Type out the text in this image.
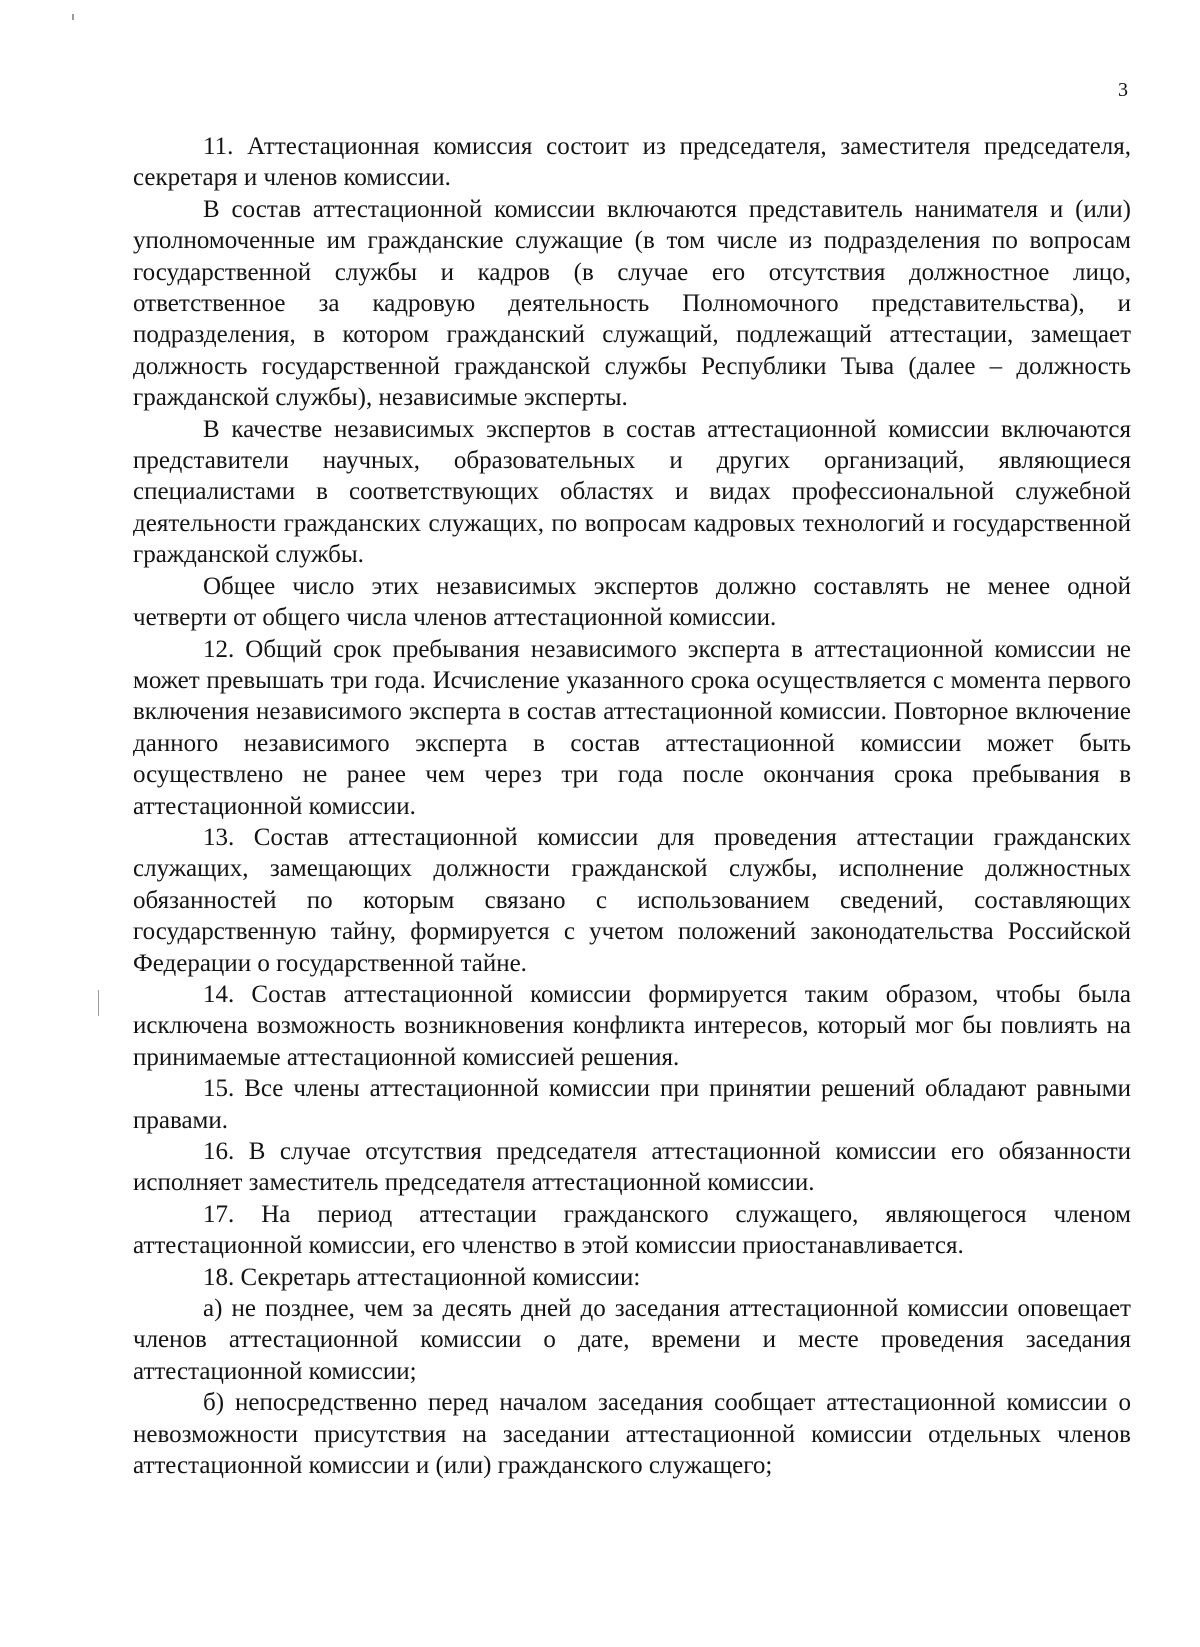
3

11. Аттестационная комиссия состоит из председателя, заместителя председателя, секретаря и членов комиссии.

В состав аттестационной комиссии включаются представитель нанимателя и (или) уполномоченные им гражданские служащие (в том числе из подразделения по вопросам государственной службы и кадров (в случае его отсутствия должностное лицо, ответственное за кадровую деятельность Полномочного представительства), и подразделения, в котором гражданский служащий, подлежащий аттестации, замещает должность государственной гражданской службы Республики Тыва (далее – должность гражданской службы), независимые эксперты.

В качестве независимых экспертов в состав аттестационной комиссии включаются представители научных, образовательных и других организаций, являющиеся специалистами в соответствующих областях и видах профессиональной служебной деятельности гражданских служащих, по вопросам кадровых технологий и государственной гражданской службы.

Общее число этих независимых экспертов должно составлять не менее одной четверти от общего числа членов аттестационной комиссии.

12. Общий срок пребывания независимого эксперта в аттестационной комиссии не может превышать три года. Исчисление указанного срока осуществляется с момента первого включения независимого эксперта в состав аттестационной комиссии. Повторное включение данного независимого эксперта в состав аттестационной комиссии может быть осуществлено не ранее чем через три года после окончания срока пребывания в аттестационной комиссии.

13. Состав аттестационной комиссии для проведения аттестации гражданских служащих, замещающих должности гражданской службы, исполнение должностных обязанностей по которым связано с использованием сведений, составляющих государственную тайну, формируется с учетом положений законодательства Российской Федерации о государственной тайне.

14. Состав аттестационной комиссии формируется таким образом, чтобы была исключена возможность возникновения конфликта интересов, который мог бы повлиять на принимаемые аттестационной комиссией решения.

15. Все члены аттестационной комиссии при принятии решений обладают равными правами.

16. В случае отсутствия председателя аттестационной комиссии его обязанности исполняет заместитель председателя аттестационной комиссии.

17. На период аттестации гражданского служащего, являющегося членом аттестационной комиссии, его членство в этой комиссии приостанавливается.

18. Секретарь аттестационной комиссии:

а) не позднее, чем за десять дней до заседания аттестационной комиссии оповещает членов аттестационной комиссии о дате, времени и месте проведения заседания аттестационной комиссии;

б) непосредственно перед началом заседания сообщает аттестационной комиссии о невозможности присутствия на заседании аттестационной комиссии отдельных членов аттестационной комиссии и (или) гражданского служащего;
